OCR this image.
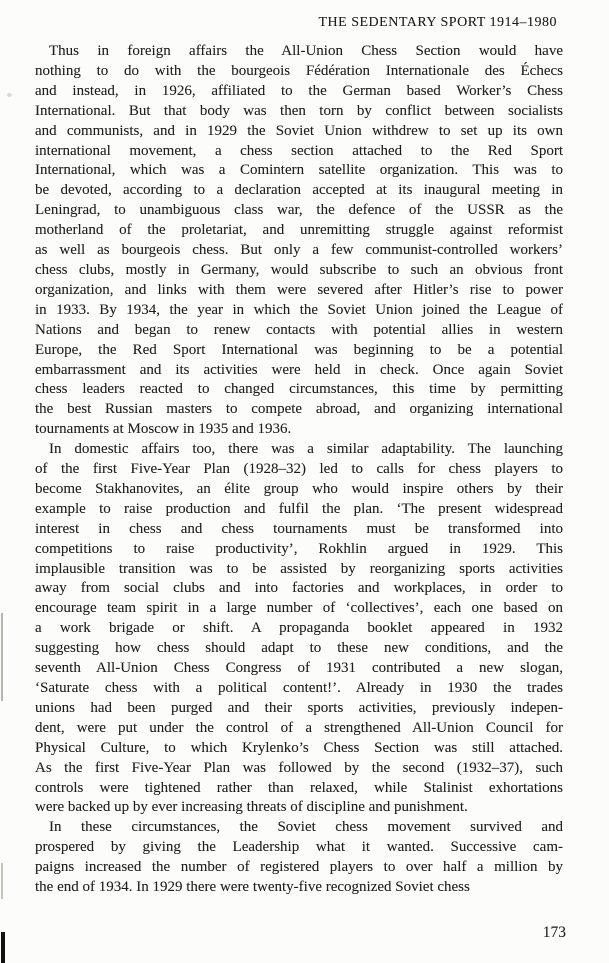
THE SEDENTARY SPORT 1914–1980
Thus in foreign affairs the All-Union Chess Section would have
nothing to do with the bourgeois Fédération Internationale des Échecs
and instead, in 1926, affiliated to the German based Worker’s Chess
International. But that body was then torn by conflict between socialists
and communists, and in 1929 the Soviet Union withdrew to set up its own
international movement, a chess section attached to the Red Sport
International, which was a Comintern satellite organization. This was to
be devoted, according to a declaration accepted at its inaugural meeting in
Leningrad, to unambiguous class war, the defence of the USSR as the
motherland of the proletariat, and unremitting struggle against reformist
as well as bourgeois chess. But only a few communist-controlled workers’
chess clubs, mostly in Germany, would subscribe to such an obvious front
organization, and links with them were severed after Hitler’s rise to power
in 1933. By 1934, the year in which the Soviet Union joined the League of
Nations and began to renew contacts with potential allies in western
Europe, the Red Sport International was beginning to be a potential
embarrassment and its activities were held in check. Once again Soviet
chess leaders reacted to changed circumstances, this time by permitting
the best Russian masters to compete abroad, and organizing international
tournaments at Moscow in 1935 and 1936.
In domestic affairs too, there was a similar adaptability. The launching
of the first Five-Year Plan (1928–32) led to calls for chess players to
become Stakhanovites, an élite group who would inspire others by their
example to raise production and fulfil the plan. ‘The present widespread
interest in chess and chess tournaments must be transformed into
competitions to raise productivity’, Rokhlin argued in 1929. This
implausible transition was to be assisted by reorganizing sports activities
away from social clubs and into factories and workplaces, in order to
encourage team spirit in a large number of ‘collectives’, each one based on
a work brigade or shift. A propaganda booklet appeared in 1932
suggesting how chess should adapt to these new conditions, and the
seventh All-Union Chess Congress of 1931 contributed a new slogan,
‘Saturate chess with a political content!’. Already in 1930 the trades
unions had been purged and their sports activities, previously indepen-
dent, were put under the control of a strengthened All-Union Council for
Physical Culture, to which Krylenko’s Chess Section was still attached.
As the first Five-Year Plan was followed by the second (1932–37), such
controls were tightened rather than relaxed, while Stalinist exhortations
were backed up by ever increasing threats of discipline and punishment.
In these circumstances, the Soviet chess movement survived and
prospered by giving the Leadership what it wanted. Successive cam-
paigns increased the number of registered players to over half a million by
the end of 1934. In 1929 there were twenty-five recognized Soviet chess
173
